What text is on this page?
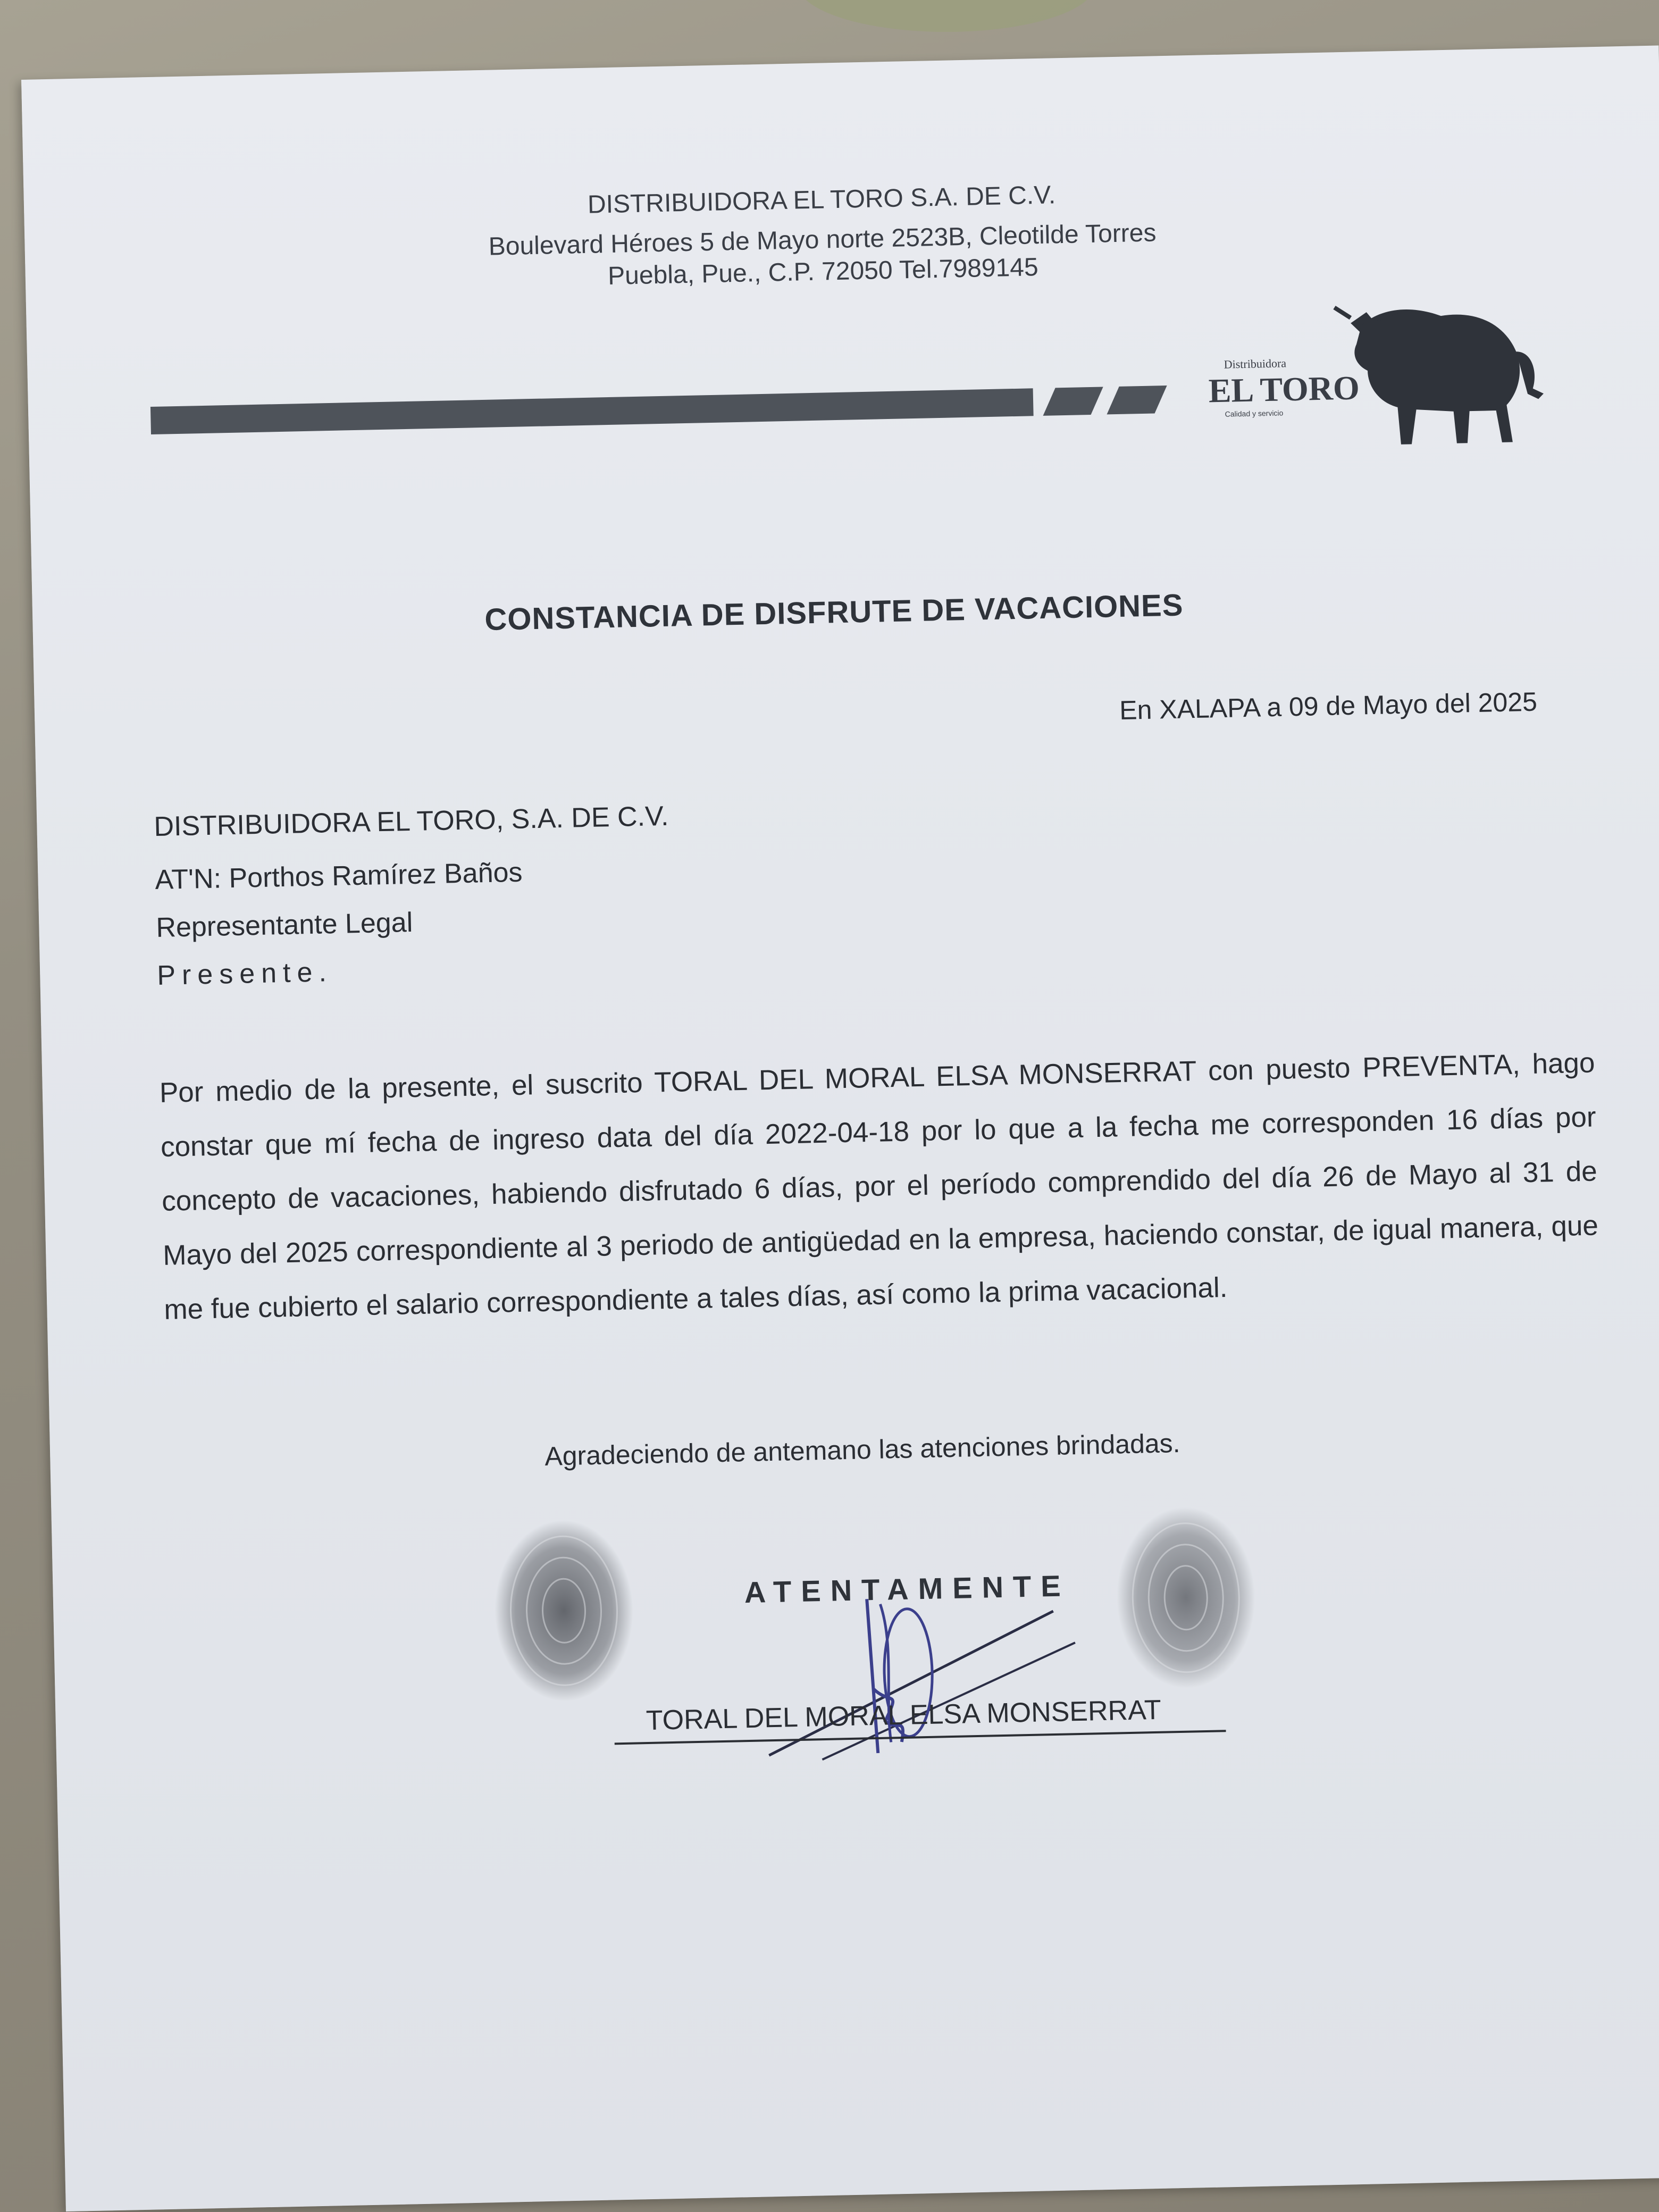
DISTRIBUIDORA EL TORO S.A. DE C.V.
Boulevard Héroes 5 de Mayo norte 2523B, Cleotilde Torres
Puebla, Pue., C.P. 72050 Tel.7989145
Distribuidora
EL TORO
Calidad y servicio
CONSTANCIA DE DISFRUTE DE VACACIONES
En XALAPA a 09 de Mayo del 2025
DISTRIBUIDORA EL TORO, S.A. DE C.V.
AT'N: Porthos Ramírez Baños
Representante Legal
Presente.
Por medio de la presente, el suscrito TORAL DEL MORAL ELSA MONSERRAT con puesto PREVENTA, hago constar que mí fecha de ingreso data del día 2022-04-18 por lo que a la fecha me corresponden 16 días por concepto de vacaciones, habiendo disfrutado 6 días, por el período comprendido del día 26 de Mayo al 31 de Mayo del 2025 correspondiente al 3 periodo de antigüedad en la empresa, haciendo constar, de igual manera, que me fue cubierto el salario correspondiente a tales días, así como la prima vacacional.
Agradeciendo de antemano las atenciones brindadas.
ATENTAMENTE
TORAL DEL MORAL ELSA MONSERRAT
